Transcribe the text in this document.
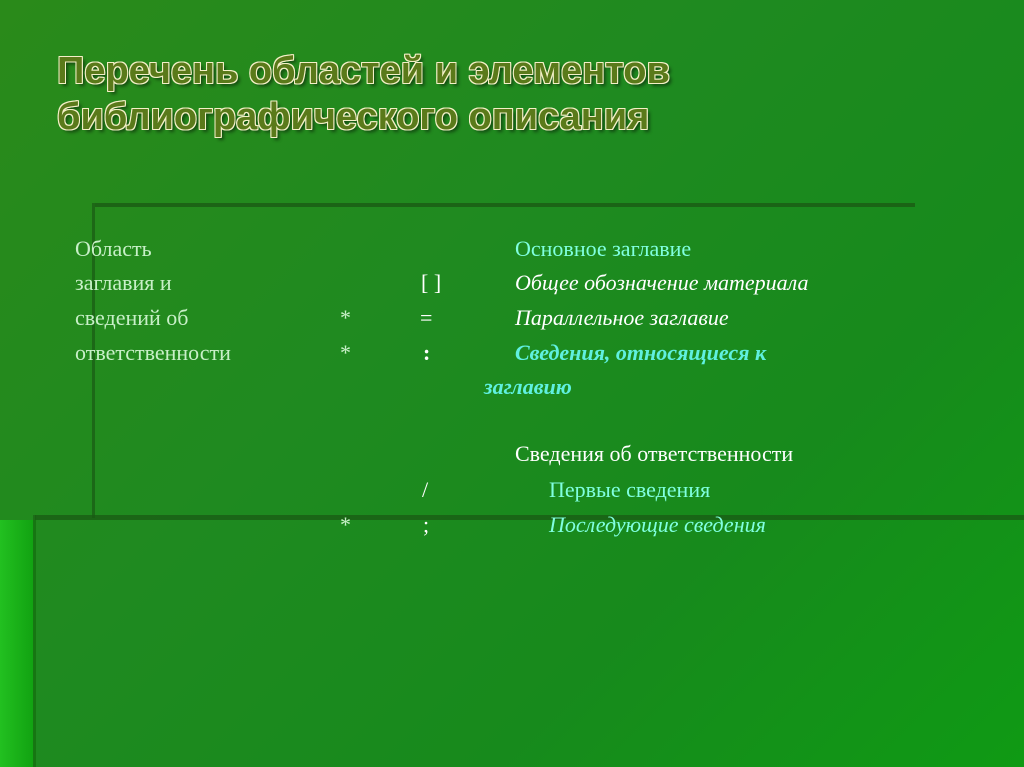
Перечень областей и элементов
библиографического описания
Область
заглавия и
сведений об
ответственности
*
*
*
[ ]
=
:
/
;
Основное заглавие
Общее обозначение материала
Параллельное заглавие
Сведения, относящиеся к
заглавию
Сведения об ответственности
Первые сведения
Последующие сведения
